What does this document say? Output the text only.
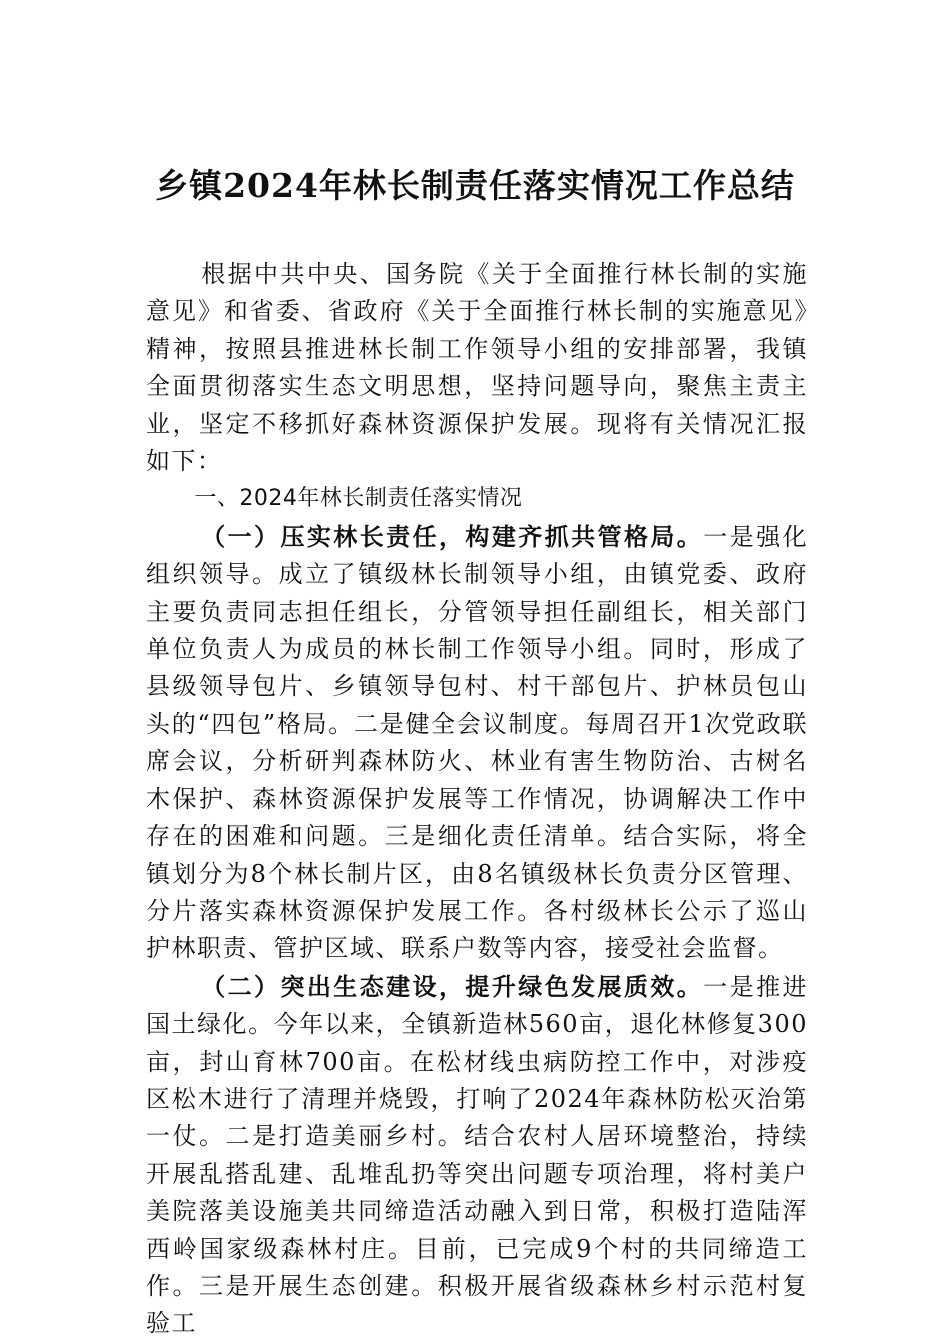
乡镇2024年林长制责任落实情况工作总结

根据中共中央、国务院《关于全面推行林长制的实施意见》和省委、省政府《关于全面推行林长制的实施意见》精神，按照县推进林长制工作领导小组的安排部署，我镇全面贯彻落实生态文明思想，坚持问题导向，聚焦主责主业，坚定不移抓好森林资源保护发展。现将有关情况汇报如下：

一、2024年林长制责任落实情况

（一）压实林长责任，构建齐抓共管格局。一是强化组织领导。成立了镇级林长制领导小组，由镇党委、政府主要负责同志担任组长，分管领导担任副组长，相关部门单位负责人为成员的林长制工作领导小组。同时，形成了县级领导包片、乡镇领导包村、村干部包片、护林员包山头的“四包”格局。二是健全会议制度。每周召开1次党政联席会议，分析研判森林防火、林业有害生物防治、古树名木保护、森林资源保护发展等工作情况，协调解决工作中存在的困难和问题。三是细化责任清单。结合实际，将全镇划分为8个林长制片区，由8名镇级林长负责分区管理、分片落实森林资源保护发展工作。各村级林长公示了巡山护林职责、管护区域、联系户数等内容，接受社会监督。

（二）突出生态建设，提升绿色发展质效。一是推进国土绿化。今年以来，全镇新造林560亩，退化林修复300亩，封山育林700亩。在松材线虫病防控工作中，对涉疫区松木进行了清理并烧毁，打响了2024年森林防松灭治第一仗。二是打造美丽乡村。结合农村人居环境整治，持续开展乱搭乱建、乱堆乱扔等突出问题专项治理，将村美户美院落美设施美共同缔造活动融入到日常，积极打造陆浑西岭国家级森林村庄。目前，已完成9个村的共同缔造工作。三是开展生态创建。积极开展省级森林乡村示范村复验工
